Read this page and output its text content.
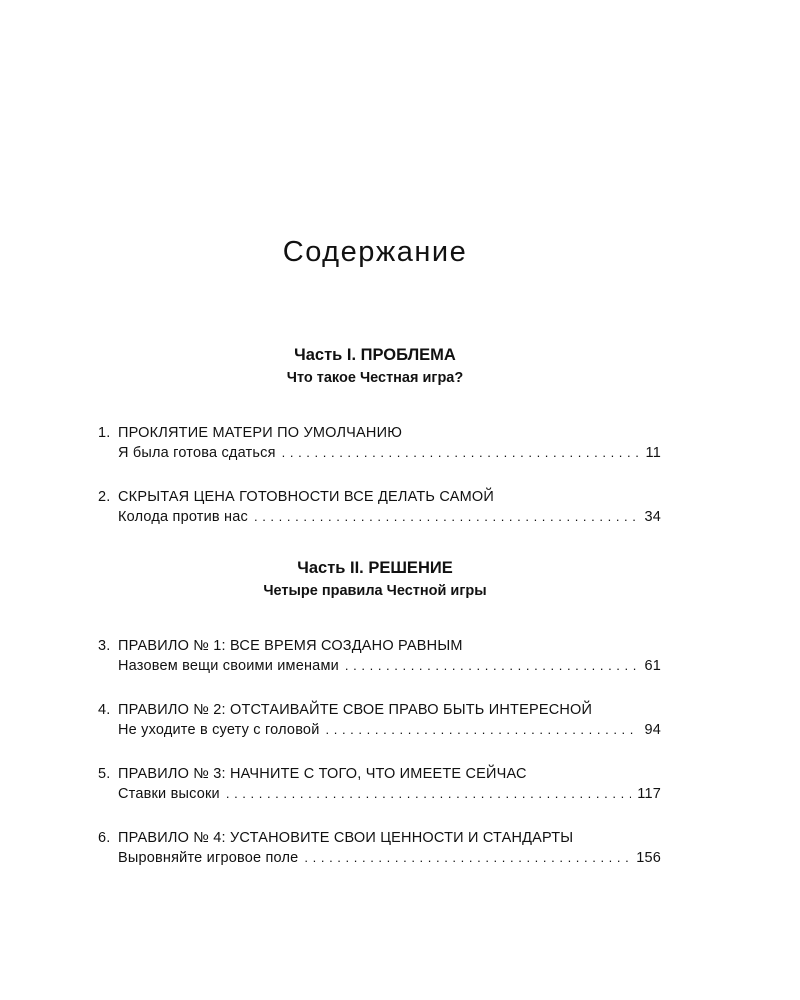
Содержание
Часть I. ПРОБЛЕМА
Что такое Честная игра?
1. ПРОКЛЯТИЕ МАТЕРИ ПО УМОЛЧАНИЮ
Я была готова сдаться . . .	11
2. СКРЫТАЯ ЦЕНА ГОТОВНОСТИ ВСЕ ДЕЛАТЬ САМОЙ
Колода против нас . . .	34
Часть II. РЕШЕНИЕ
Четыре правила Честной игры
3. ПРАВИЛО № 1: ВСЕ ВРЕМЯ СОЗДАНО РАВНЫМ
Назовем вещи своими именами . . .	61
4. ПРАВИЛО № 2: ОТСТАИВАЙТЕ СВОЕ ПРАВО БЫТЬ ИНТЕРЕСНОЙ
Не уходите в суету с головой . . .	94
5. ПРАВИЛО № 3: НАЧНИТЕ С ТОГО, ЧТО ИМЕЕТЕ СЕЙЧАС
Ставки высоки . . .	117
6. ПРАВИЛО № 4: УСТАНОВИТЕ СВОИ ЦЕННОСТИ И СТАНДАРТЫ
Выровняйте игровое поле . . .	156
